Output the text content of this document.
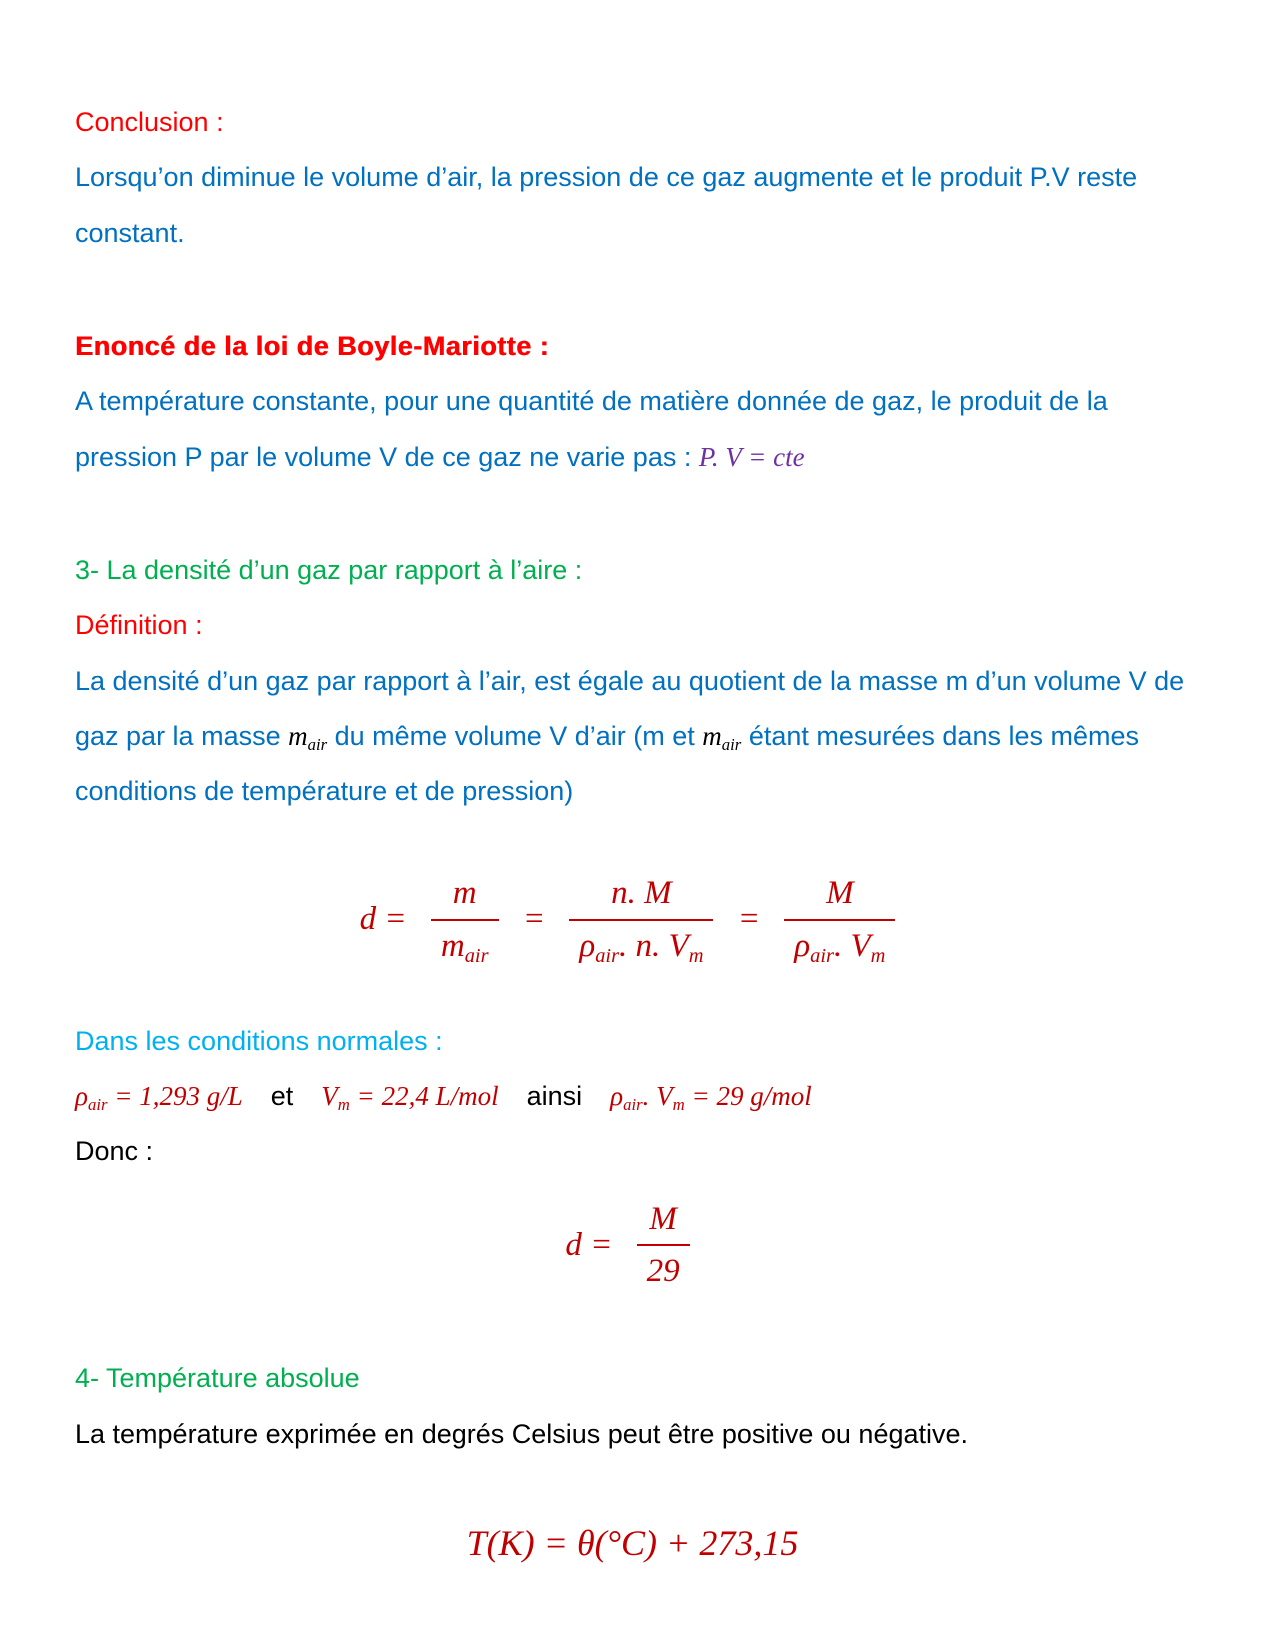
Conclusion :

Lorsqu’on diminue le volume d’air, la pression de ce gaz augmente et le produit P.V reste constant.

Enoncé de la loi de Boyle-Mariotte :

A température constante, pour une quantité de matière donnée de gaz, le produit de la pression P par le volume V de ce gaz ne varie pas : P. V = cte

3- La densité d’un gaz par rapport à l’aire :

Définition :

La densité d’un gaz par rapport à l’air, est égale au quotient de la masse m d’un volume V de gaz par la masse $m_{air}$ du même volume V d’air (m et $m_{air}$ étant mesurées dans les mêmes conditions de température et de pression)

$d = \frac{m}{m_{air}} = \frac{n. M}{\rho_{air}. n. V_m} = \frac{M}{\rho_{air}. V_m}$

Dans les conditions normales :

$\rho_{air} = 1,293$ g/L et $V_m = 22,4$ L/mol ainsi $\rho_{air}$. $V_m = 29$ g/mol

Donc :

$d = \frac{M}{29}$

4- Température absolue

La température exprimée en degrés Celsius peut être positive ou négative.

T(K) = θ(°C) + 273,15
